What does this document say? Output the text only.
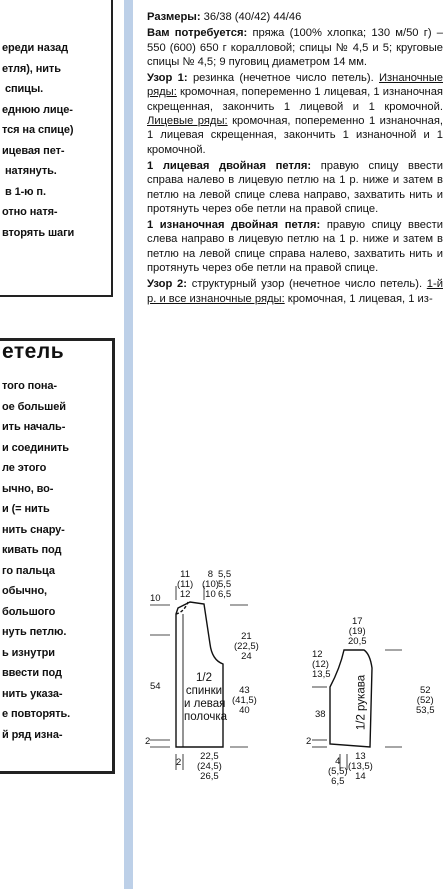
ереди назад
етля), нить
спицы.
еднюю лице-
тся на спице)
ицевая пет-
натянуть.
в 1-ю п.
отно натя-
вторять шаги
етель
того пона-
ое большей
ить началь-
и соединить
ле этого
ычно, во-
и (= нить
нить снару-
кивать под
го пальца
обычно,
большого
нуть петлю.
ь изнутри
ввести под
нить указа-
е повторять.
й ряд изна-

Размеры: 36/38 (40/42) 44/46

Вам потребуется: пряжа (100% хлопка; 130 м/50 г) – 550 (600) 650 г коралловой; спицы № 4,5 и 5; круговые спицы № 4,5; 9 пуговиц диаметром 14 мм.

Узор 1: резинка (нечетное число петель). Изнаночные ряды: кромочная, попеременно 1 лицевая, 1 изнаночная скрещенная, закончить 1 лицевой и 1 кромочной. Лицевые ряды: кромочная, попеременно 1 изнаночная, 1 лицевая скрещенная, закончить 1 изнаночной и 1 кромочной.

1 лицевая двойная петля: правую спицу ввести справа налево в лицевую петлю на 1 р. ниже и затем в петлю на левой спице слева направо, захватить нить и протянуть через обе петли на правой спице.

1 изнаночная двойная петля: правую спицу ввести слева направо в лицевую петлю на 1 р. ниже и затем в петлю на левой спице справа налево, захватить нить и протянуть через обе петли на правой спице.

Узор 2: структурный узор (нечетное число петель). 1-й р. и все изнаночные ряды: кромочная, 1 лицевая, 1 из-

11
(11)
12
8
(10)
10
5,5
5,5
6,5
10
54
2
21
(22,5)
24
43
(41,5)
40
22,5
(24,5)
26,5
2
1/2
спинки
и левая
полочка
17
(19)
20,5
12
(12)
13,5
38
2
52
(52)
53,5
4
(5,5)
6,5
13
(13,5)
14
1/2 рукава
